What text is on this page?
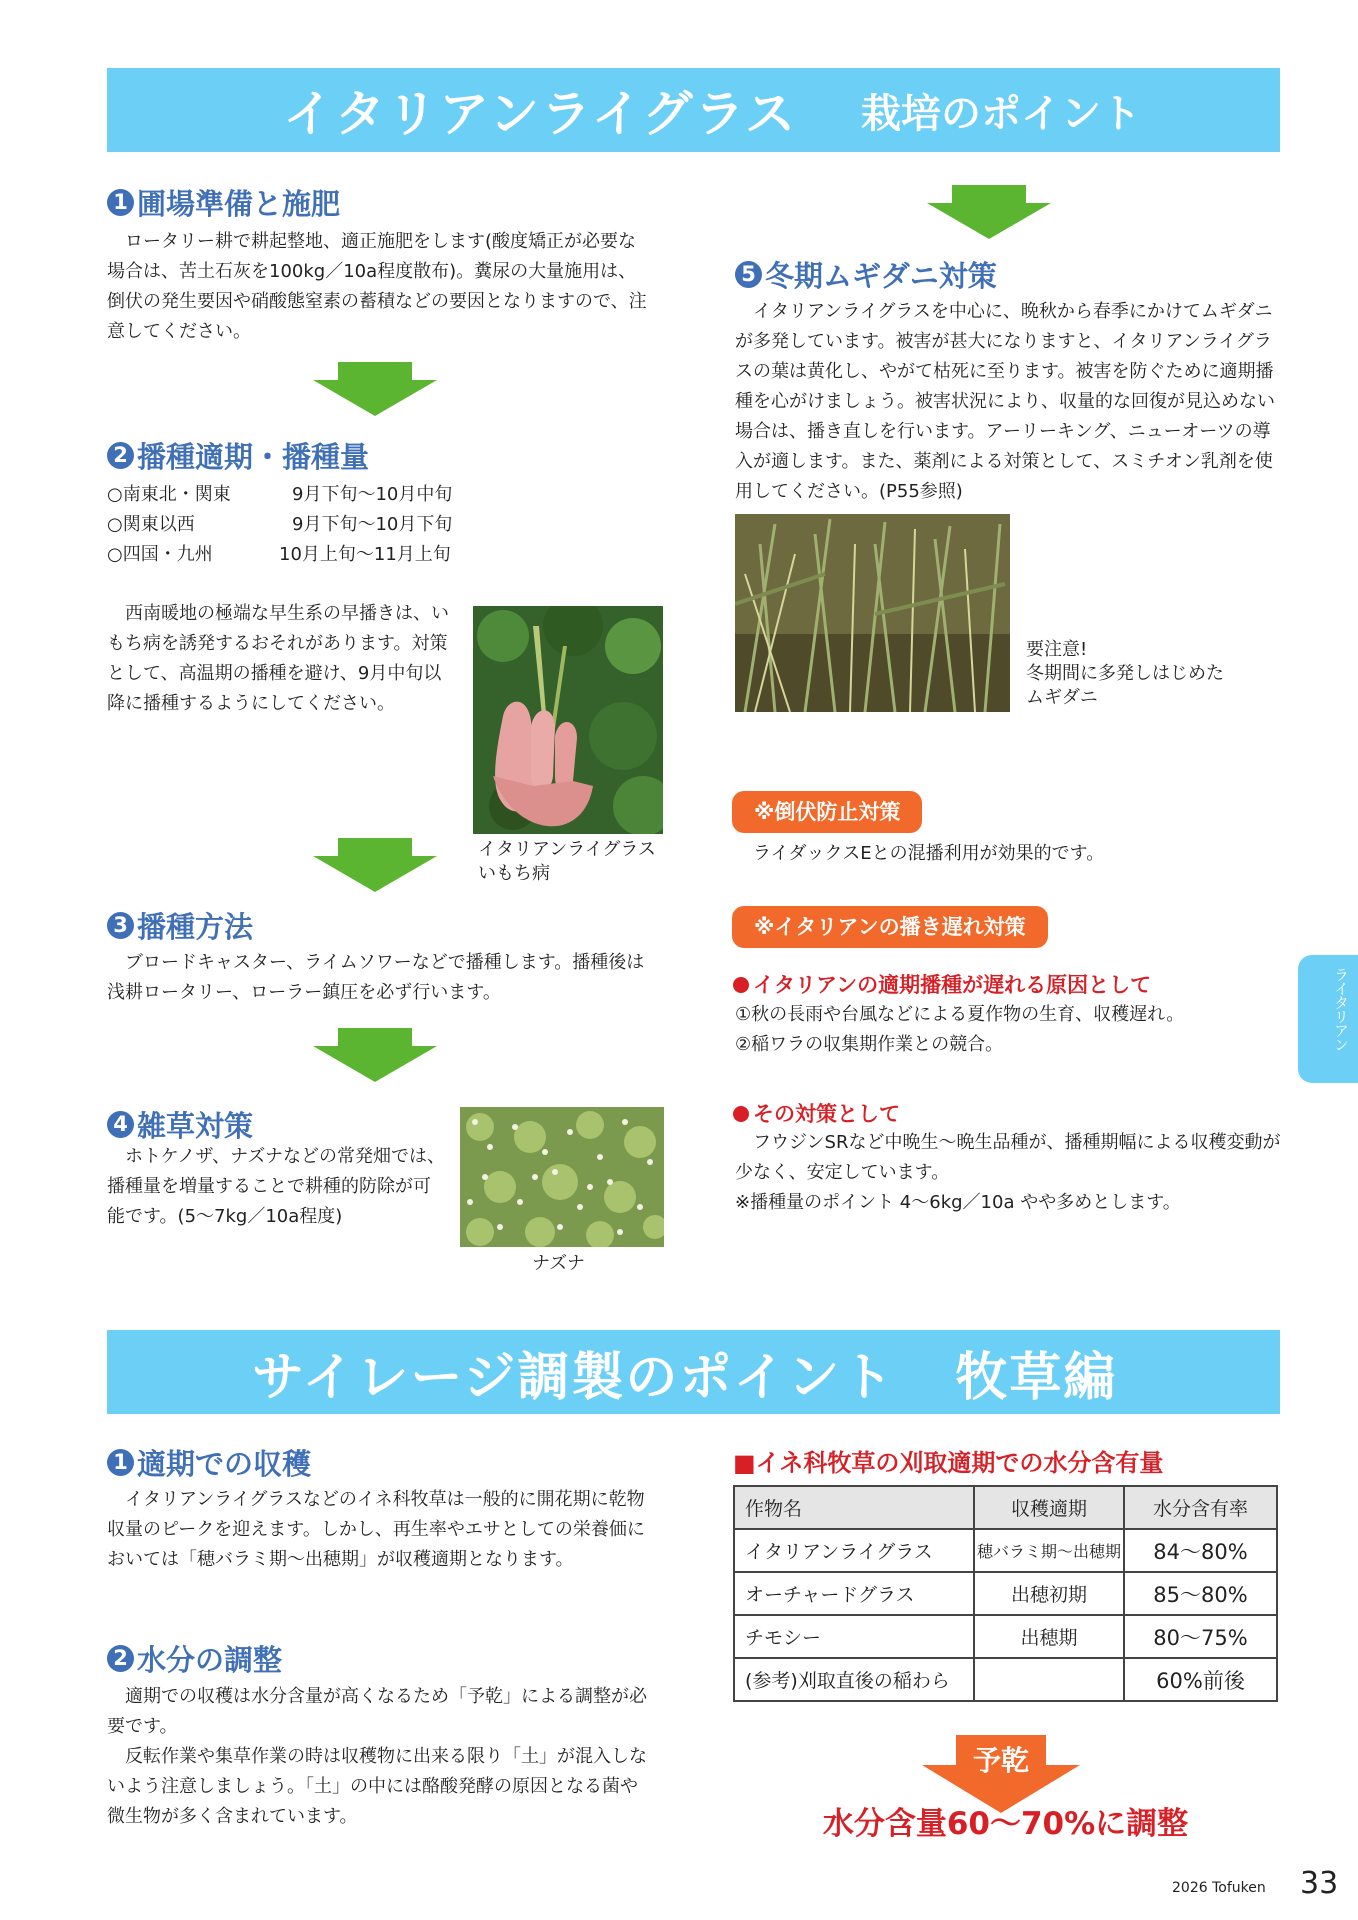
イタリアンライグラス 栽培のポイント
1 圃場準備と施肥

ロータリー耕で耕起整地、適正施肥をします(酸度矯正が必要な場合は、苦土石灰を100kg／10a程度散布)。糞尿の大量施用は、倒伏の発生要因や硝酸態窒素の蓄積などの要因となりますので、注意してください。

2 播種適期・播種量
○南東北・関東	9月下旬〜10月中旬
○関東以西	9月下旬〜10月下旬
○四国・九州	10月上旬〜11月上旬

西南暖地の極端な早生系の早播きは、いもち病を誘発するおそれがあります。対策として、高温期の播種を避け、9月中旬以降に播種するようにしてください。

イタリアンライグラス
いもち病
3 播種方法

ブロードキャスター、ライムソワーなどで播種します。播種後は浅耕ロータリー、ローラー鎮圧を必ず行います。

4 雑草対策

ホトケノザ、ナズナなどの常発畑では、播種量を増量することで耕種的防除が可能です。(5〜7kg／10a程度)

ナズナ
5 冬期ムギダニ対策

イタリアンライグラスを中心に、晩秋から春季にかけてムギダニが多発しています。被害が甚大になりますと、イタリアンライグラスの葉は黄化し、やがて枯死に至ります。被害を防ぐために適期播種を心がけましょう。被害状況により、収量的な回復が見込めない場合は、播き直しを行います。アーリーキング、ニューオーツの導入が適します。また、薬剤による対策として、スミチオン乳剤を使用してください。(P55参照)

要注意!
冬期間に多発しはじめた
ムギダニ
※倒伏防止対策

ライダックスEとの混播利用が効果的です。

※イタリアンの播き遅れ対策
イタリアンの適期播種が遅れる原因として
①秋の長雨や台風などによる夏作物の生育、収穫遅れ。
②稲ワラの収集期作業との競合。
その対策として

フウジンSRなど中晩生〜晩生品種が、播種期幅による収穫変動が少なく、安定しています。

※播種量のポイント 4〜6kg／10a やや多めとします。
ライタリアン
サイレージ調製のポイント 牧草編
1 適期での収穫

イタリアンライグラスなどのイネ科牧草は一般的に開花期に乾物収量のピークを迎えます。しかし、再生率やエサとしての栄養価においては「穂バラミ期〜出穂期」が収穫適期となります。

2 水分の調整

適期での収穫は水分含量が高くなるため「予乾」による調整が必要です。

反転作業や集草作業の時は収穫物に出来る限り「土」が混入しないよう注意しましょう。「土」の中には酪酸発酵の原因となる菌や微生物が多く含まれています。

■イネ科牧草の刈取適期での水分含有量
作物名	収穫適期	水分含有率
イタリアンライグラス	穂バラミ期〜出穂期	84〜80%
オーチャードグラス	出穂初期	85〜80%
チモシー	出穂期	80〜75%
(参考)刈取直後の稲わら		60%前後
予乾
水分含量60〜70%に調整
2026 Tofuken 33
